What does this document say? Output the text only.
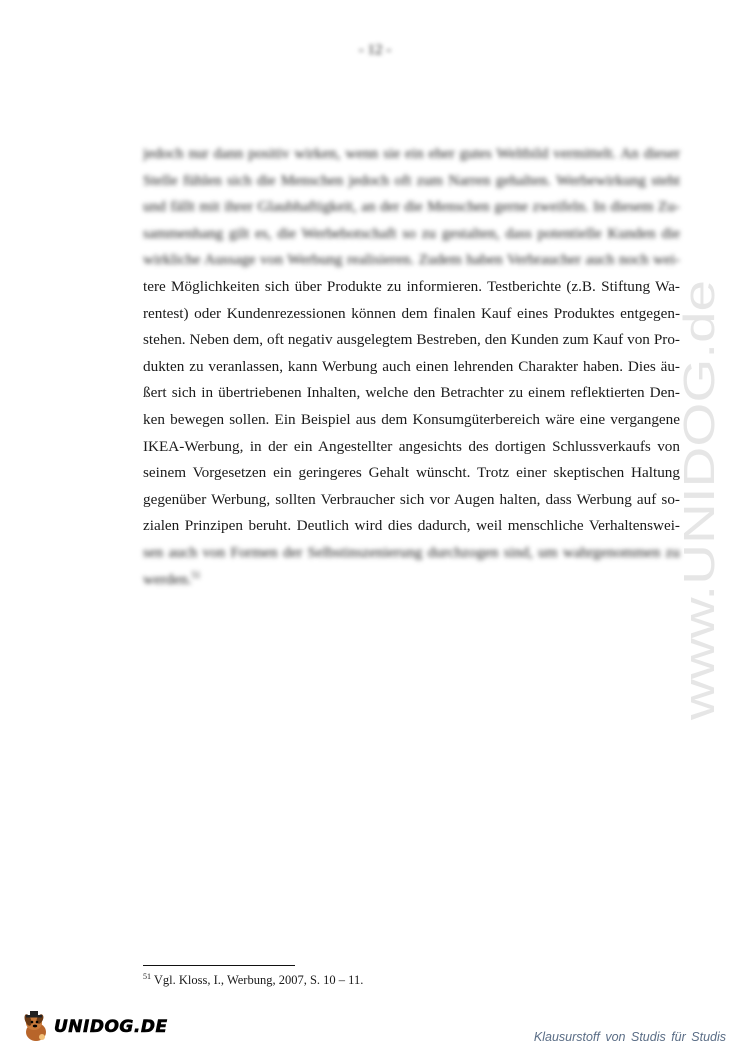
- 12 -
www.UNIDOG.de
jedoch nur dann positiv wirken, wenn sie ein eher gutes Weltbild vermittelt. An dieser
Stelle fühlen sich die Menschen jedoch oft zum Narren gehalten. Werbewirkung steht
und fällt mit ihrer Glaubhaftigkeit, an der die Menschen gerne zweifeln. In diesem Zu-
sammenhang gilt es, die Werbebotschaft so zu gestalten, dass potentielle Kunden die
wirkliche Aussage von Werbung realisieren. Zudem haben Verbraucher auch noch wei-
tere Möglichkeiten sich über Produkte zu informieren. Testberichte (z.B. Stiftung Wa-
rentest) oder Kundenrezessionen können dem finalen Kauf eines Produktes entgegen-
stehen. Neben dem, oft negativ ausgelegtem Bestreben, den Kunden zum Kauf von Pro-
dukten zu veranlassen, kann Werbung auch einen lehrenden Charakter haben. Dies äu-
ßert sich in übertriebenen Inhalten, welche den Betrachter zu einem reflektierten Den-
ken bewegen sollen. Ein Beispiel aus dem Konsumgüterbereich wäre eine vergangene
IKEA-Werbung, in der ein Angestellter angesichts des dortigen Schlussverkaufs von
seinem Vorgesetzen ein geringeres Gehalt wünscht. Trotz einer skeptischen Haltung
gegenüber Werbung, sollten Verbraucher sich vor Augen halten, dass Werbung auf so-
zialen Prinzipen beruht. Deutlich wird dies dadurch, weil menschliche Verhaltenswei-
sen auch von Formen der Selbstinszenierung durchzogen sind, um wahrgenommen zu
werden.$^{51}$
$^{51}$ Vgl. Kloss, I., Werbung, 2007, S. 10 – 11.
UNIDOG.DE	Klausurstoff von Studis für Studis
